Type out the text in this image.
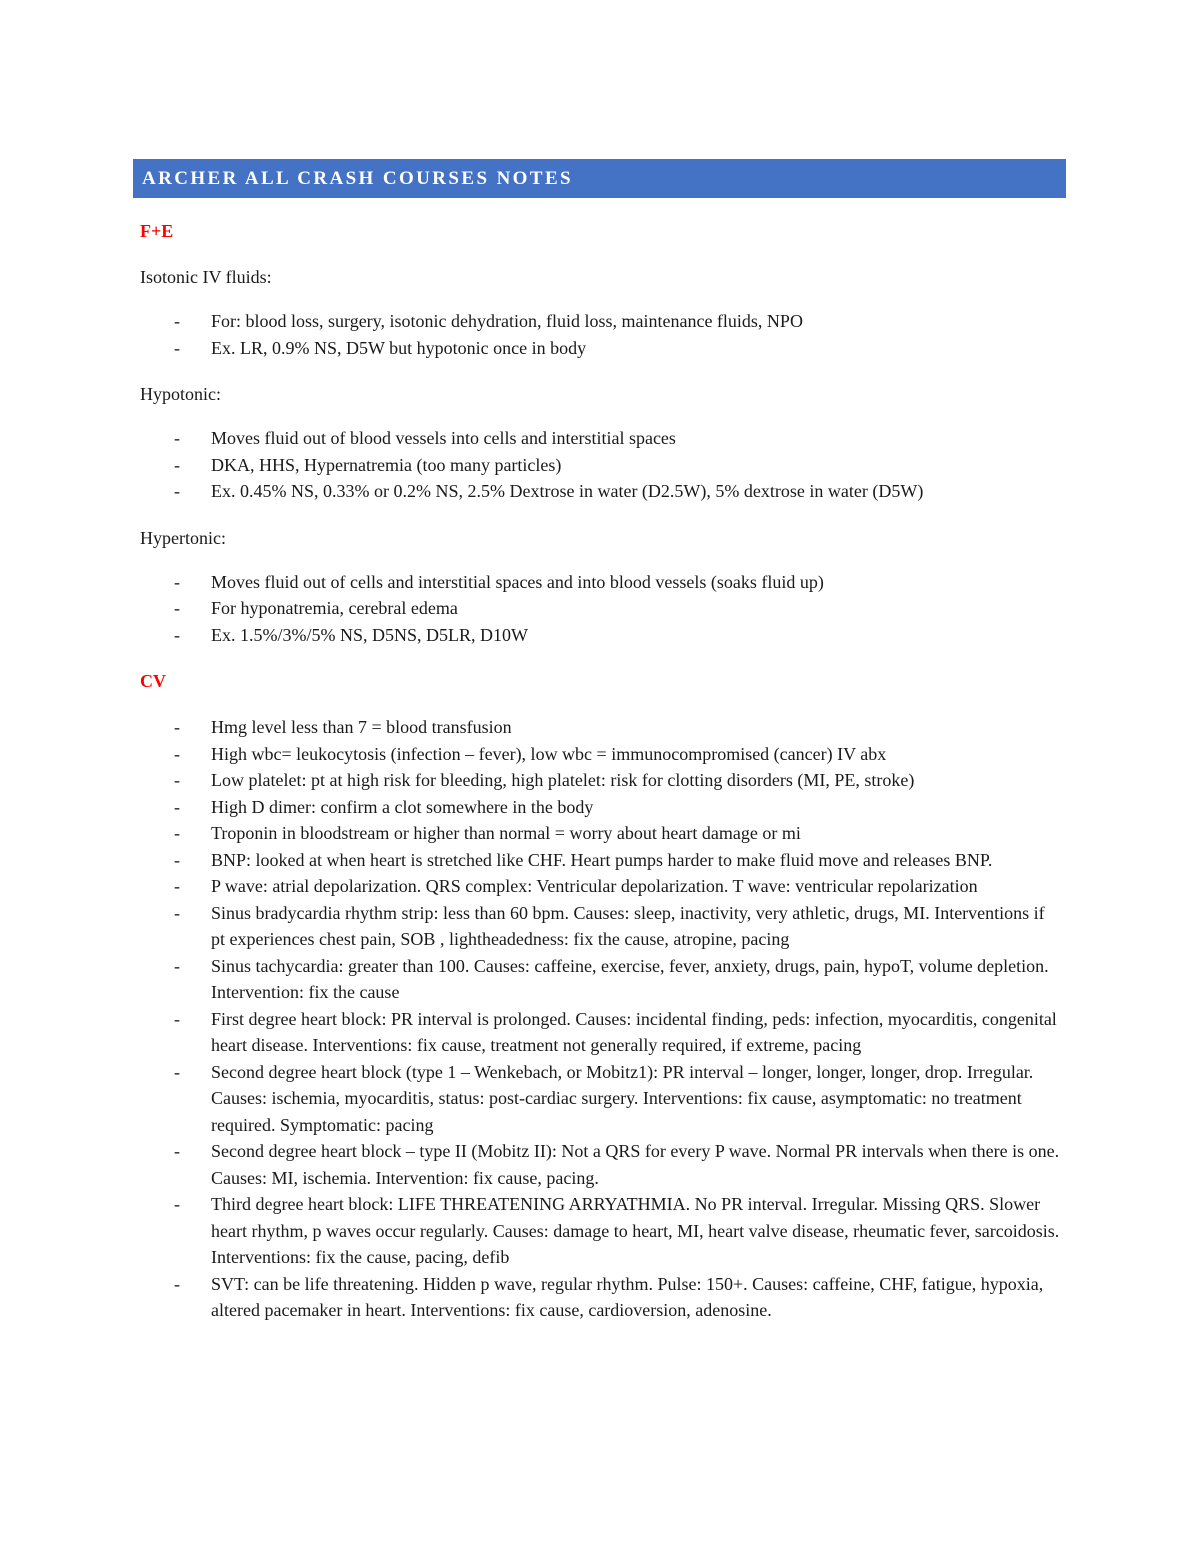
ARCHER ALL CRASH COURSES NOTES
F+E
Isotonic IV fluids:
- For: blood loss, surgery, isotonic dehydration, fluid loss, maintenance fluids, NPO
- Ex. LR, 0.9% NS, D5W but hypotonic once in body
Hypotonic:
- Moves fluid out of blood vessels into cells and interstitial spaces
- DKA, HHS, Hypernatremia (too many particles)
- Ex. 0.45% NS, 0.33% or 0.2% NS, 2.5% Dextrose in water (D2.5W), 5% dextrose in water (D5W)
Hypertonic:
- Moves fluid out of cells and interstitial spaces and into blood vessels (soaks fluid up)
- For hyponatremia, cerebral edema
- Ex. 1.5%/3%/5% NS, D5NS, D5LR, D10W
CV
- Hmg level less than 7 = blood transfusion
- High wbc= leukocytosis (infection – fever), low wbc = immunocompromised (cancer) IV abx
- Low platelet: pt at high risk for bleeding, high platelet: risk for clotting disorders (MI, PE, stroke)
- High D dimer: confirm a clot somewhere in the body
- Troponin in bloodstream or higher than normal = worry about heart damage or mi
- BNP: looked at when heart is stretched like CHF. Heart pumps harder to make fluid move and releases BNP.
- P wave: atrial depolarization. QRS complex: Ventricular depolarization. T wave: ventricular repolarization
- Sinus bradycardia rhythm strip: less than 60 bpm. Causes: sleep, inactivity, very athletic, drugs, MI. Interventions if pt experiences chest pain, SOB , lightheadedness: fix the cause, atropine, pacing
- Sinus tachycardia: greater than 100. Causes: caffeine, exercise, fever, anxiety, drugs, pain, hypoT, volume depletion. Intervention: fix the cause
- First degree heart block: PR interval is prolonged. Causes: incidental finding, peds: infection, myocarditis, congenital heart disease. Interventions: fix cause, treatment not generally required, if extreme, pacing
- Second degree heart block (type 1 – Wenkebach, or Mobitz1): PR interval – longer, longer, longer, drop. Irregular. Causes: ischemia, myocarditis, status: post-cardiac surgery. Interventions: fix cause, asymptomatic: no treatment required. Symptomatic: pacing
- Second degree heart block – type II (Mobitz II): Not a QRS for every P wave. Normal PR intervals when there is one. Causes: MI, ischemia. Intervention: fix cause, pacing.
- Third degree heart block: LIFE THREATENING ARRYATHMIA. No PR interval. Irregular. Missing QRS. Slower heart rhythm, p waves occur regularly. Causes: damage to heart, MI, heart valve disease, rheumatic fever, sarcoidosis. Interventions: fix the cause, pacing, defib
- SVT: can be life threatening. Hidden p wave, regular rhythm. Pulse: 150+. Causes: caffeine, CHF, fatigue, hypoxia, altered pacemaker in heart. Interventions: fix cause, cardioversion, adenosine.
